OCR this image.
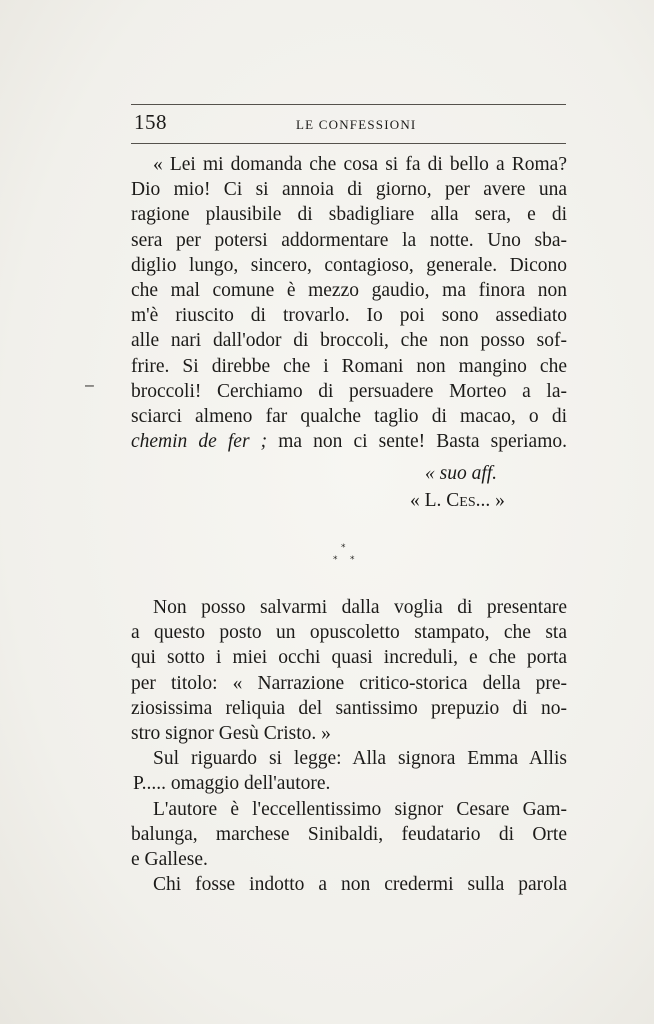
158	LE CONFESSIONI
« Lei mi domanda che cosa si fa di bello a Roma?
Dio mio! Ci si annoia di giorno, per avere una
ragione plausibile di sbadigliare alla sera, e di
sera per potersi addormentare la notte. Uno sba-
diglio lungo, sincero, contagioso, generale. Dicono
che mal comune è mezzo gaudio, ma finora non
m'è riuscito di trovarlo. Io poi sono assediato
alle nari dall'odor di broccoli, che non posso sof-
frire. Si direbbe che i Romani non mangino che
broccoli! Cerchiamo di persuadere Morteo a la-
sciarci almeno far qualche taglio di macao, o di
chemin de fer ; ma non ci sente! Basta speriamo.
« suo aff.
« L. Ces... »
–
*
* *
Non posso salvarmi dalla voglia di presentare
a questo posto un opuscoletto stampato, che sta
qui sotto i miei occhi quasi increduli, e che porta
per titolo: « Narrazione critico-storica della pre-
ziosissima reliquia del santissimo prepuzio di no-
stro signor Gesù Cristo. »
Sul riguardo si legge: Alla signora Emma Allis
P..... omaggio dell'autore.
L'autore è l'eccellentissimo signor Cesare Gam-
balunga, marchese Sinibaldi, feudatario di Orte
e Gallese.
Chi fosse indotto a non credermi sulla parola
